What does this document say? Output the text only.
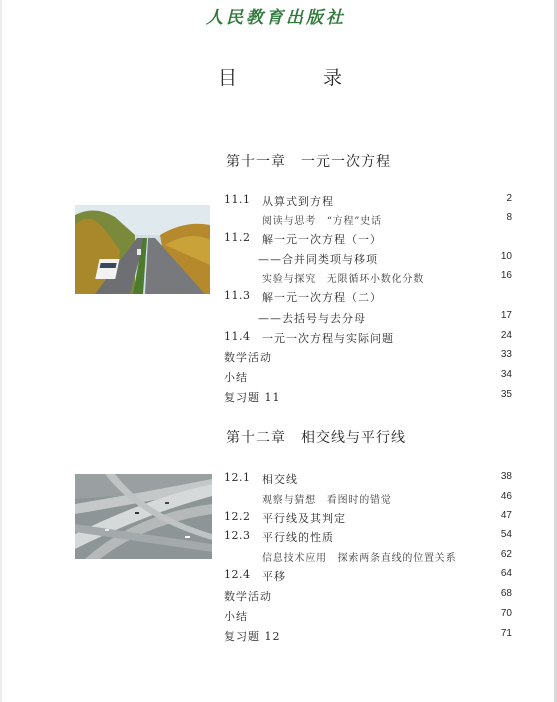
人民教育出版社
目 录
第十一章　一元一次方程
11.1 从算式到方程	2
阅读与思考　“方程”史话	8
11.2 解一元一次方程（一）
——合并同类项与移项	10
实验与探究　无限循环小数化分数	16
11.3 解一元一次方程（二）
——去括号与去分母	17
11.4 一元一次方程与实际问题	24
数学活动	33
小结	34
复习题 11	35
第十二章　相交线与平行线
12.1 相交线	38
观察与猜想　看图时的错觉	46
12.2 平行线及其判定	47
12.3 平行线的性质	54
信息技术应用　探索两条直线的位置关系	62
12.4 平移	64
数学活动	68
小结	70
复习题 12	71
